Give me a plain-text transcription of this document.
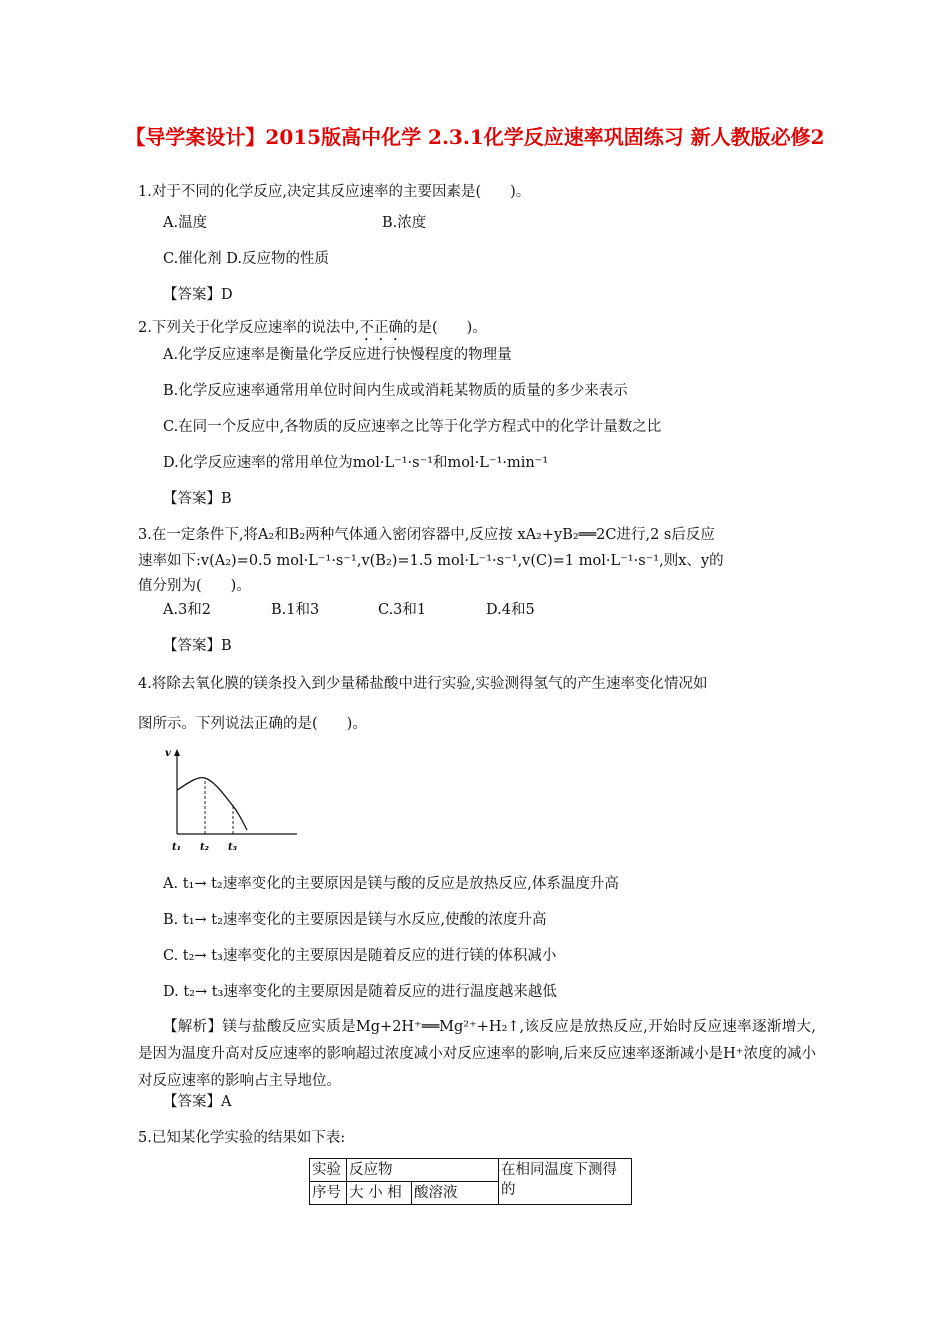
【导学案设计】2015版高中化学 2.3.1化学反应速率巩固练习 新人教版必修2
1.对于不同的化学反应,决定其反应速率的主要因素是(　　)。
A.温度	B.浓度
C.催化剂 D.反应物的性质
【答案】D
2.下列关于化学反应速率的说法中,不正确的是(　　)。
A.化学反应速率是衡量化学反应进行快慢程度的物理量
B.化学反应速率通常用单位时间内生成或消耗某物质的质量的多少来表示
C.在同一个反应中,各物质的反应速率之比等于化学方程式中的化学计量数之比
D.化学反应速率的常用单位为mol·L⁻¹·s⁻¹和mol·L⁻¹·min⁻¹
【答案】B
3.在一定条件下,将A₂和B₂两种气体通入密闭容器中,反应按 xA₂+yB₂══2C进行,2 s后反应
速率如下:v(A₂)=0.5 mol·L⁻¹·s⁻¹,v(B₂)=1.5 mol·L⁻¹·s⁻¹,v(C)=1 mol·L⁻¹·s⁻¹,则x、y的
值分别为(　　)。
A.3和2	B.1和3	C.3和1	D.4和5
【答案】B
4.将除去氧化膜的镁条投入到少量稀盐酸中进行实验,实验测得氢气的产生速率变化情况如
图所示。下列说法正确的是(　　)。
v
t₁ t₂ t₃
A. t₁→ t₂速率变化的主要原因是镁与酸的反应是放热反应,体系温度升高
B. t₁→ t₂速率变化的主要原因是镁与水反应,使酸的浓度升高
C. t₂→ t₃速率变化的主要原因是随着反应的进行镁的体积减小
D. t₂→ t₃速率变化的主要原因是随着反应的进行温度越来越低
【解析】镁与盐酸反应实质是Mg+2H⁺══Mg²⁺+H₂↑,该反应是放热反应,开始时反应速率逐渐增大,是因为温度升高对反应速率的影响超过浓度减小对反应速率的影响,后来反应速率逐渐减小是H⁺浓度的减小对反应速率的影响占主导地位。
【答案】A
5.已知某化学实验的结果如下表:
实验	反应物		在相同温度下测得
的
序号	大 小 相	酸溶液	
